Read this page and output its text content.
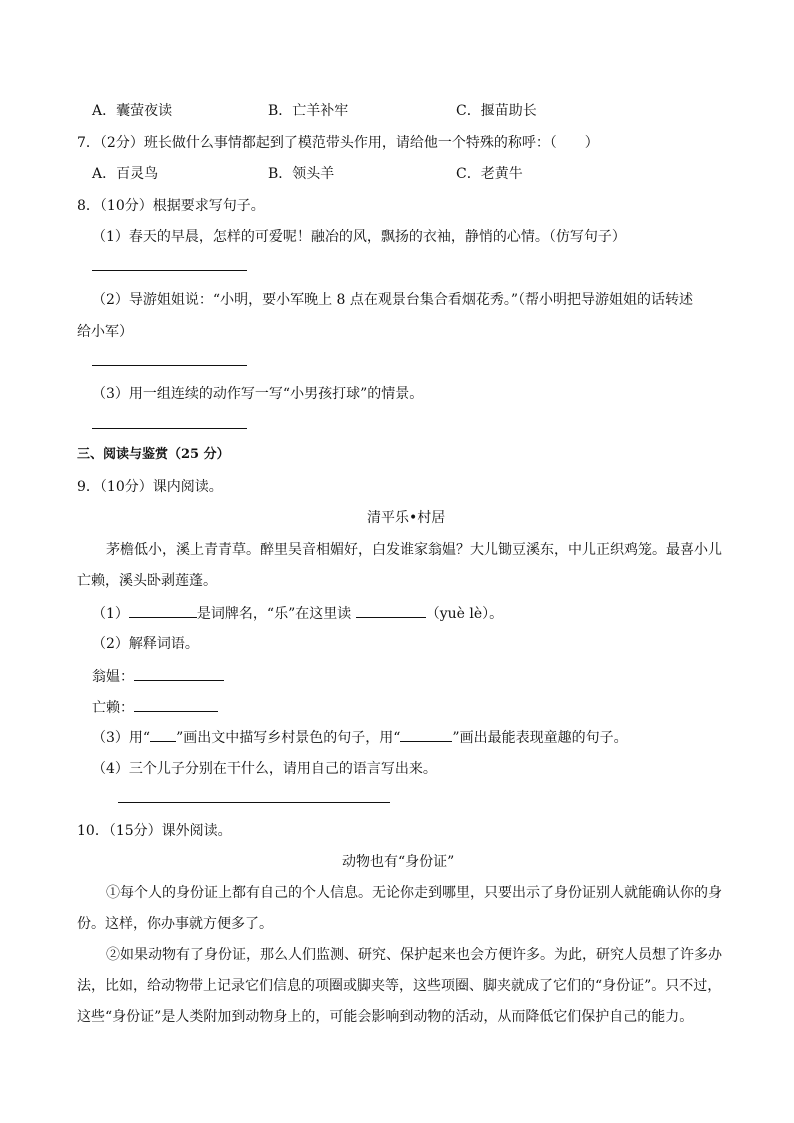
A．囊萤夜读	B．亡羊补牢	C．揠苗助长
7．（2分）班长做什么事情都起到了模范带头作用，请给他一个特殊的称呼：（　　）
A．百灵鸟	B．领头羊	C．老黄牛
8．（10分）根据要求写句子。
（1）春天的早晨，怎样的可爱呢！融冶的风，飘扬的衣袖，静悄的心情。（仿写句子）
（2）导游姐姐说：“小明，要小军晚上 8 点在观景台集合看烟花秀。”（帮小明把导游姐姐的话转述
给小军）
（3）用一组连续的动作写一写“小男孩打球”的情景。
三、阅读与鉴赏（25 分）
9．（10分）课内阅读。
清平乐•村居
茅檐低小，溪上青青草。醉里吴音相媚好，白发谁家翁媪？大儿锄豆溪东，中儿正织鸡笼。最喜小儿
亡赖，溪头卧剥莲蓬。
（1）	是词牌名，“乐”在这里读	（yuè lè）。
（2）解释词语。
翁媪：
亡赖：
（3）用“ ”画出文中描写乡村景色的句子，用“	”画出最能表现童趣的句子。
（4）三个儿子分别在干什么，请用自己的语言写出来。
10．（15分）课外阅读。
动物也有“身份证”
①每个人的身份证上都有自己的个人信息。无论你走到哪里，只要出示了身份证别人就能确认你的身
份。这样，你办事就方便多了。
②如果动物有了身份证，那么人们监测、研究、保护起来也会方便许多。为此，研究人员想了许多办
法，比如，给动物带上记录它们信息的项圈或脚夹等，这些项圈、脚夹就成了它们的“身份证”。只不过，
这些“身份证”是人类附加到动物身上的，可能会影响到动物的活动，从而降低它们保护自己的能力。
